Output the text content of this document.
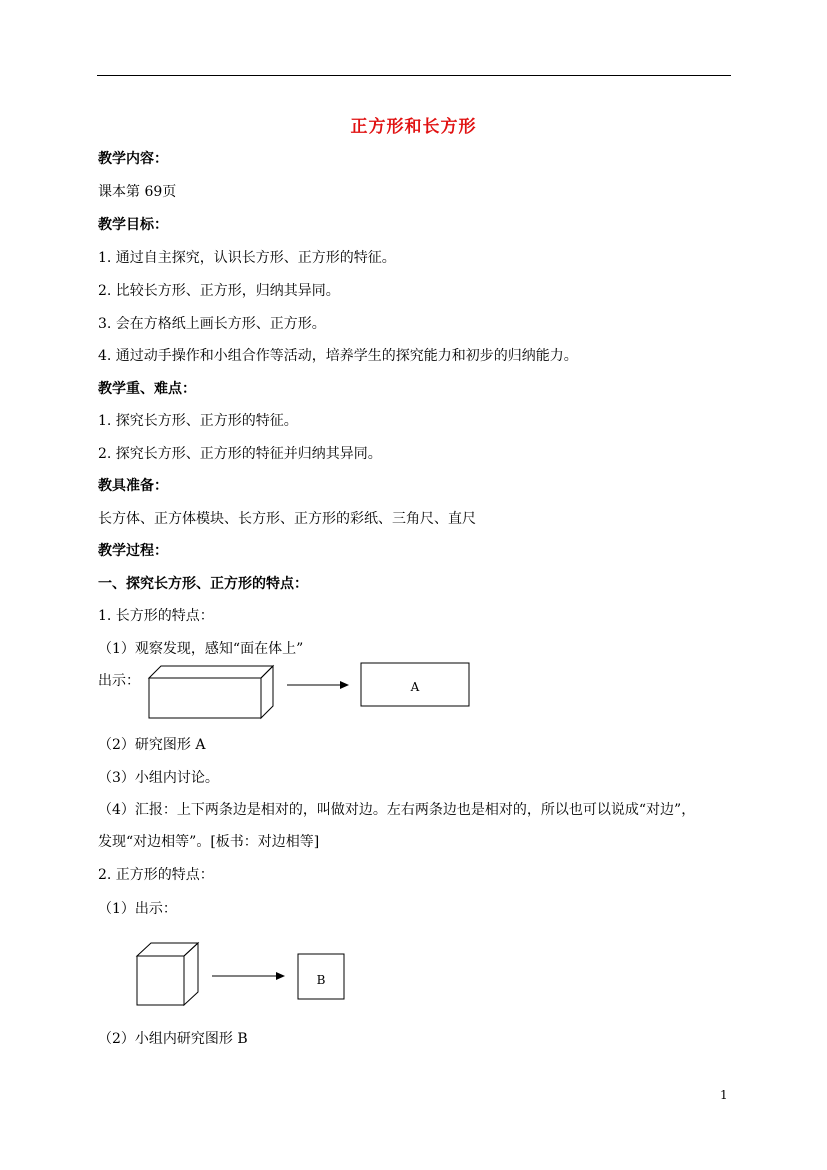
正方形和长方形
教学内容：
课本第 69页
教学目标：
1. 通过自主探究，认识长方形、正方形的特征。
2. 比较长方形、正方形，归纳其异同。
3. 会在方格纸上画长方形、正方形。
4. 通过动手操作和小组合作等活动，培养学生的探究能力和初步的归纳能力。
教学重、难点：
1. 探究长方形、正方形的特征。
2. 探究长方形、正方形的特征并归纳其异同。
教具准备：
长方体、正方体模块、长方形、正方形的彩纸、三角尺、直尺
教学过程：
一、探究长方形、正方形的特点：
1. 长方形的特点：
（1）观察发现，感知“面在体上”
出示：	A
（2）研究图形 A
（3）小组内讨论。
（4）汇报：上下两条边是相对的，叫做对边。左右两条边也是相对的，所以也可以说成“对边”，
发现“对边相等”。[板书：对边相等]
2. 正方形的特点：
（1）出示：
B
（2）小组内研究图形 B
1
